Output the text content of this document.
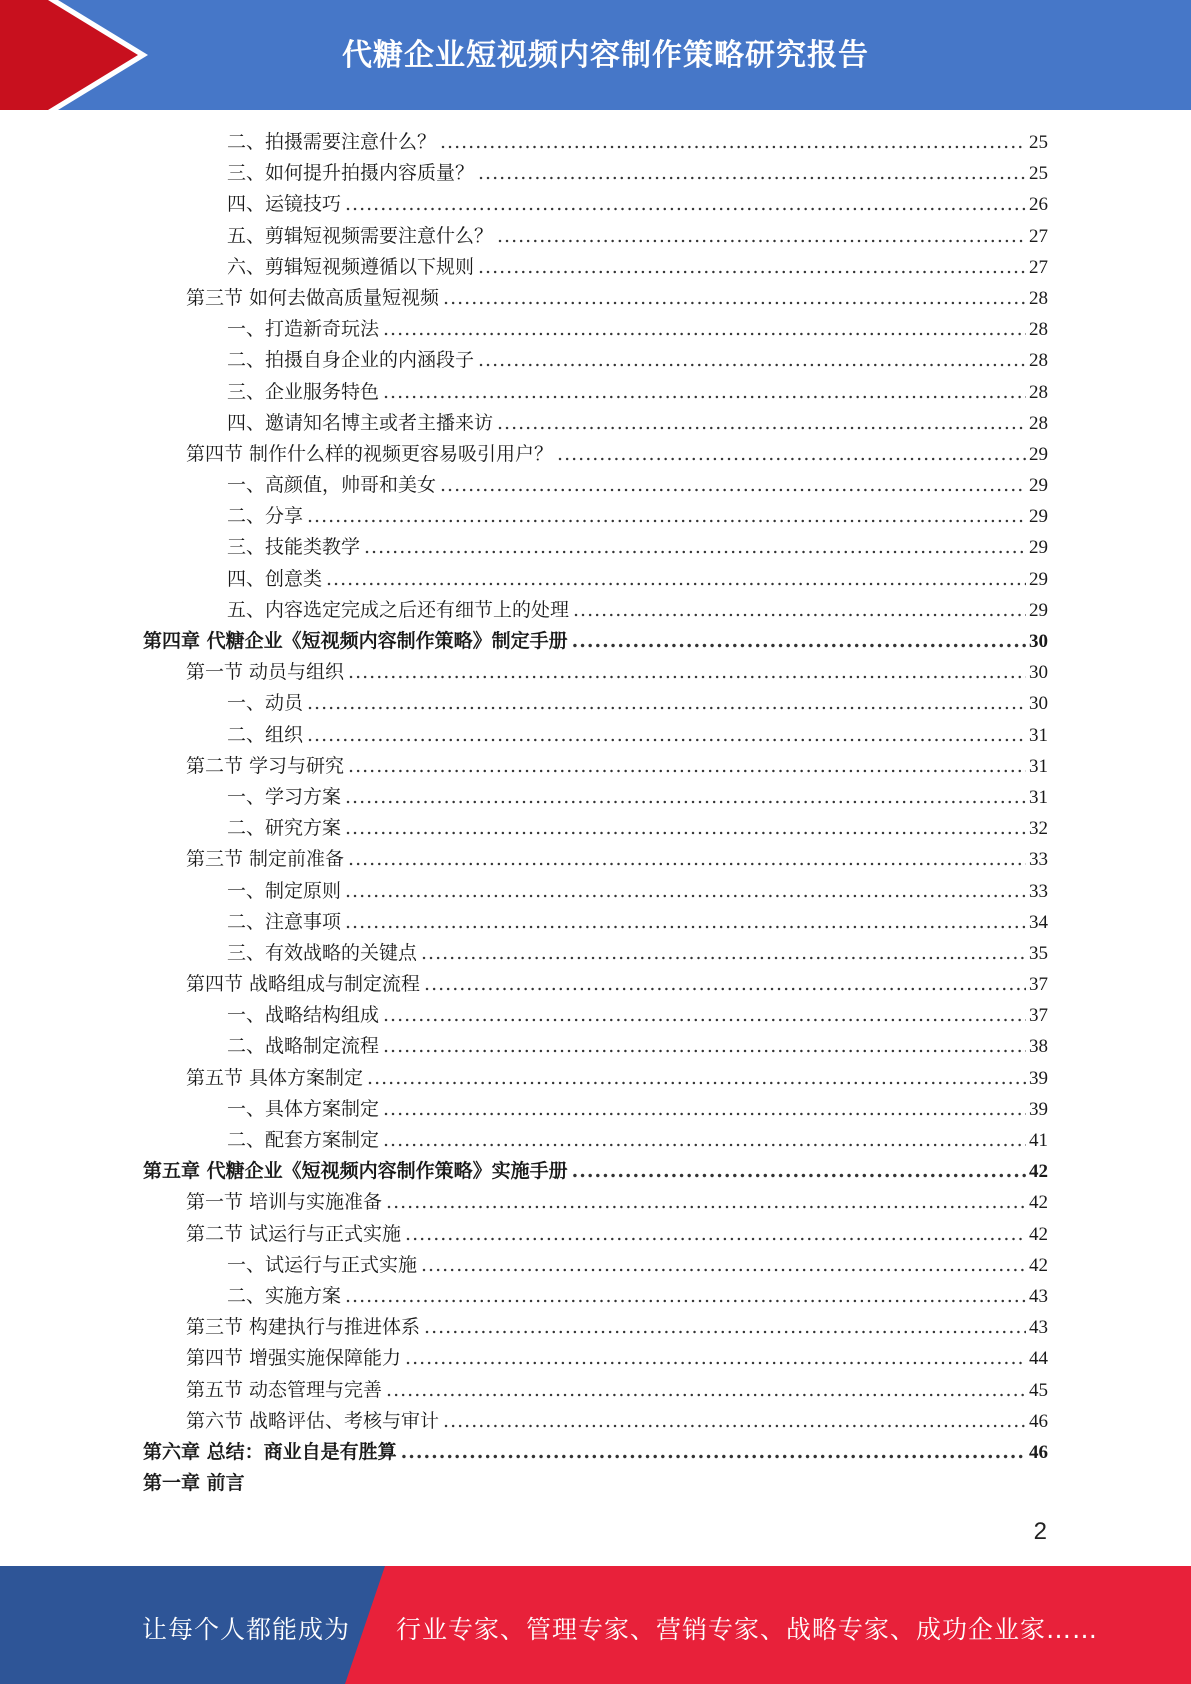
代糖企业短视频内容制作策略研究报告
二、拍摄需要注意什么？ .....	25
三、如何提升拍摄内容质量？ .....	25
四、运镜技巧 .....	26
五、剪辑短视频需要注意什么？ .....	27
六、剪辑短视频遵循以下规则 .....	27
第三节 如何去做高质量短视频 .....	28
一、打造新奇玩法 .....	28
二、拍摄自身企业的内涵段子 .....	28
三、企业服务特色 .....	28
四、邀请知名博主或者主播来访 .....	28
第四节 制作什么样的视频更容易吸引用户？ .....	29
一、高颜值，帅哥和美女 .....	29
二、分享 .....	29
三、技能类教学 .....	29
四、创意类 .....	29
五、内容选定完成之后还有细节上的处理 .....	29
第四章 代糖企业《短视频内容制作策略》制定手册 .....	30
第一节 动员与组织 .....	30
一、动员 .....	30
二、组织 .....	31
第二节 学习与研究 .....	31
一、学习方案 .....	31
二、研究方案 .....	32
第三节 制定前准备 .....	33
一、制定原则 .....	33
二、注意事项 .....	34
三、有效战略的关键点 .....	35
第四节 战略组成与制定流程 .....	37
一、战略结构组成 .....	37
二、战略制定流程 .....	38
第五节 具体方案制定 .....	39
一、具体方案制定 .....	39
二、配套方案制定 .....	41
第五章 代糖企业《短视频内容制作策略》实施手册 .....	42
第一节 培训与实施准备 .....	42
第二节 试运行与正式实施 .....	42
一、试运行与正式实施 .....	42
二、实施方案 .....	43
第三节 构建执行与推进体系 .....	43
第四节 增强实施保障能力 .....	44
第五节 动态管理与完善 .....	45
第六节 战略评估、考核与审计 .....	46
第六章 总结：商业自是有胜算 .....	46
第一章 前言
2
让每个人都能成为 行业专家、管理专家、营销专家、战略专家、成功企业家……
